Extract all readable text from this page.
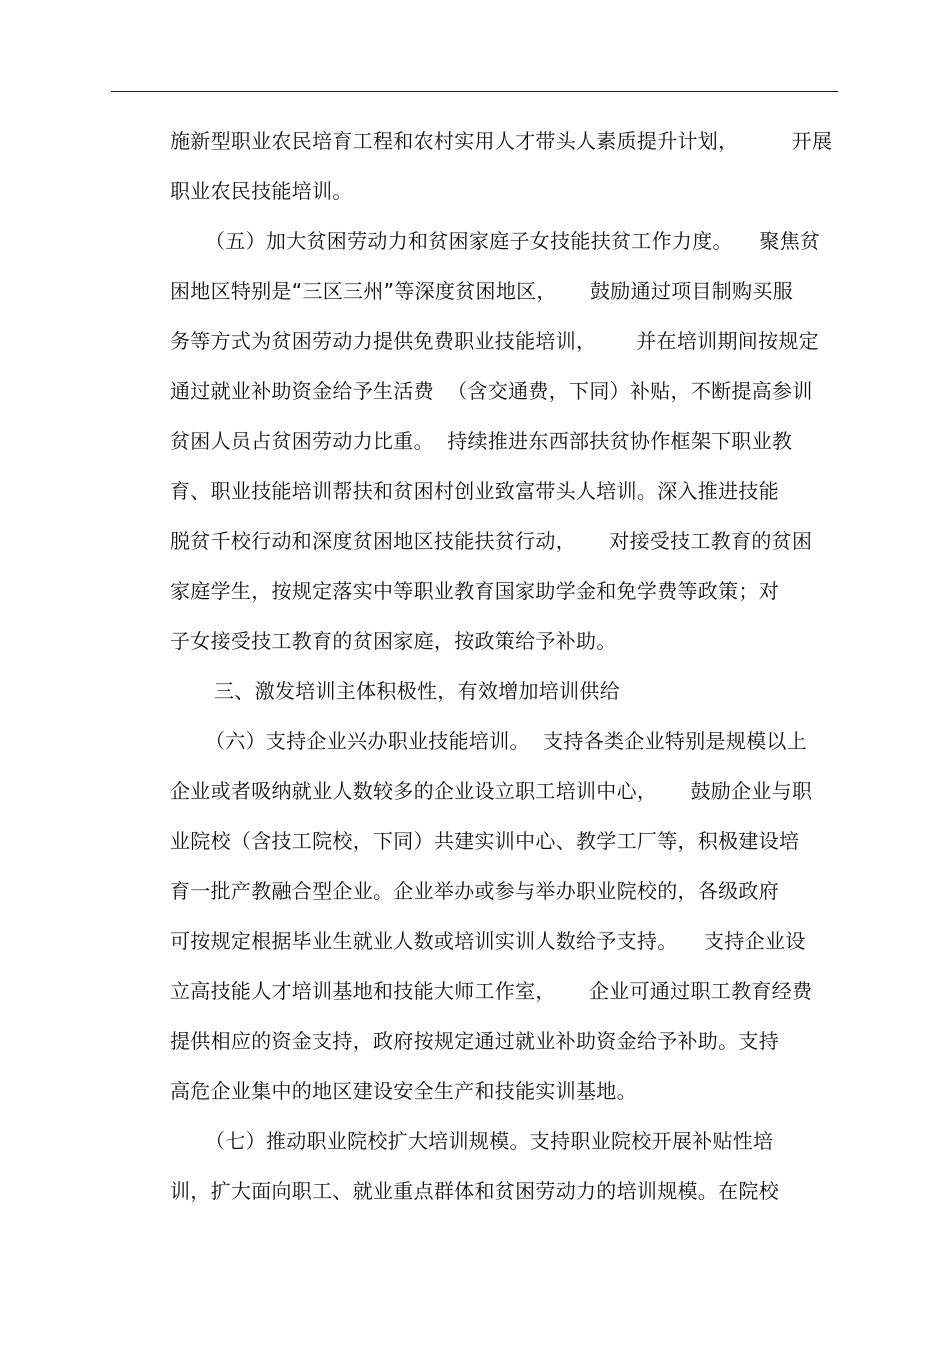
施新型职业农民培育工程和农村实用人才带头人素质提升计划，        开展
职业农民技能培训。
（五）加大贫困劳动力和贫困家庭子女技能扶贫工作力度。    聚焦贫
困地区特别是“三区三州”等深度贫困地区，     鼓励通过项目制购买服
务等方式为贫困劳动力提供免费职业技能培训，      并在培训期间按规定
通过就业补助资金给予生活费  （含交通费，下同）补贴，不断提高参训
贫困人员占贫困劳动力比重。  持续推进东西部扶贫协作框架下职业教
育、职业技能培训帮扶和贫困村创业致富带头人培训。深入推进技能
脱贫千校行动和深度贫困地区技能扶贫行动，     对接受技工教育的贫困
家庭学生，按规定落实中等职业教育国家助学金和免学费等政策；对
子女接受技工教育的贫困家庭，按政策给予补助。
三、激发培训主体积极性，有效增加培训供给
（六）支持企业兴办职业技能培训。  支持各类企业特别是规模以上
企业或者吸纳就业人数较多的企业设立职工培训中心，     鼓励企业与职
业院校（含技工院校，下同）共建实训中心、教学工厂等，积极建设培
育一批产教融合型企业。企业举办或参与举办职业院校的，各级政府
可按规定根据毕业生就业人数或培训实训人数给予支持。    支持企业设
立高技能人才培训基地和技能大师工作室，     企业可通过职工教育经费
提供相应的资金支持，政府按规定通过就业补助资金给予补助。支持
高危企业集中的地区建设安全生产和技能实训基地。
（七）推动职业院校扩大培训规模。支持职业院校开展补贴性培
训，扩大面向职工、就业重点群体和贫困劳动力的培训规模。在院校
